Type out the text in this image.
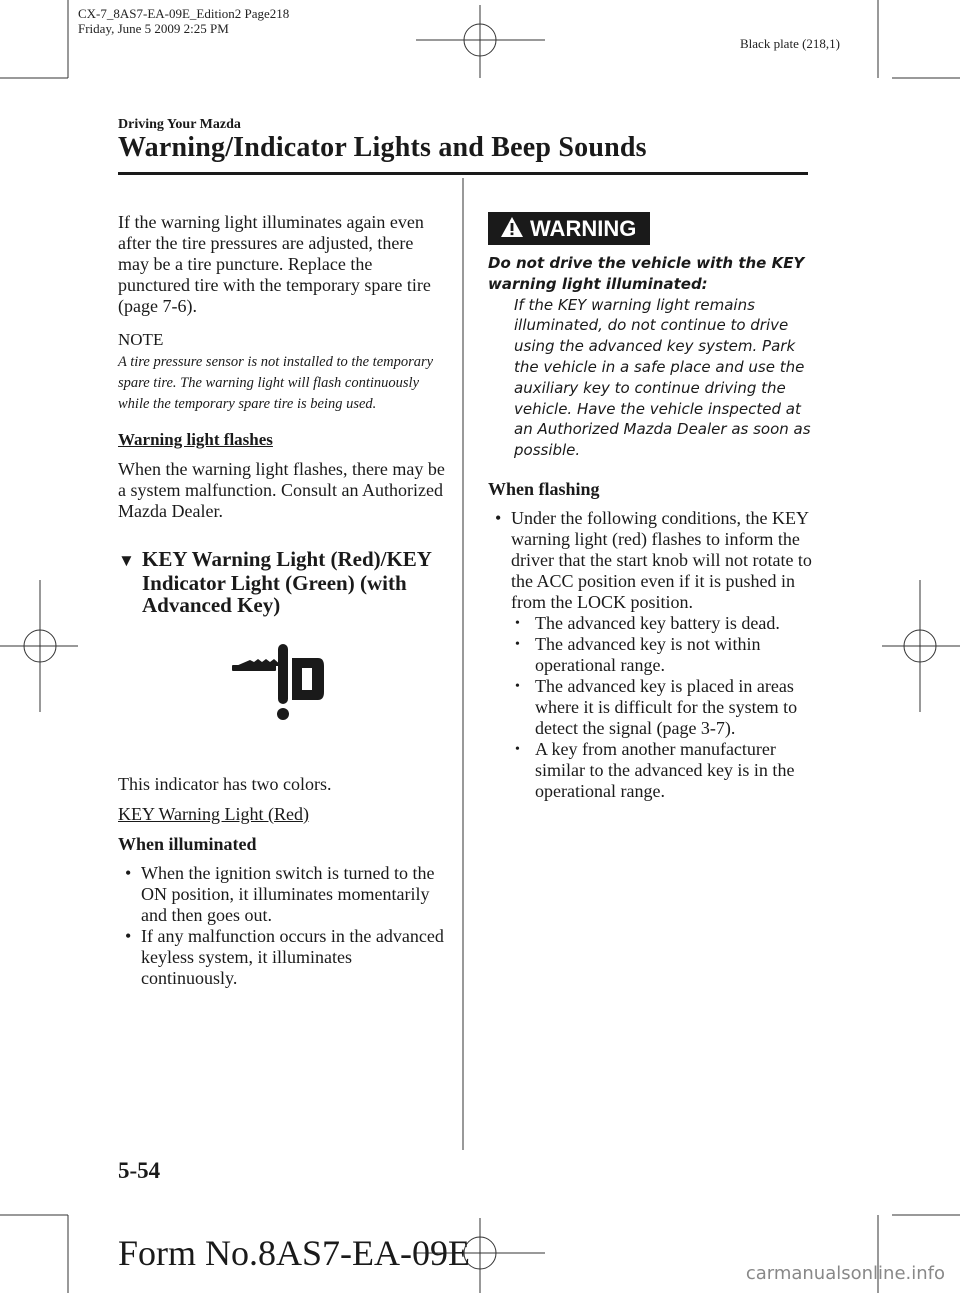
CX-7_8AS7-EA-09E_Edition2 Page218
Friday, June 5 2009 2:25 PM
Black plate (218,1)
Driving Your Mazda
Warning/Indicator Lights and Beep Sounds

If the warning light illuminates again even after the tire pressures are adjusted, there may be a tire puncture. Replace the punctured tire with the temporary spare tire (page 7-6).

NOTE

A tire pressure sensor is not installed to the temporary spare tire. The warning light will flash continuously while the temporary spare tire is being used.

Warning light flashes

When the warning light flashes, there may be a system malfunction. Consult an Authorized Mazda Dealer.

▼ KEY Warning Light (Red)/KEY Indicator Light (Green) (with Advanced Key)

This indicator has two colors.

KEY Warning Light (Red)

When illuminated

• When the ignition switch is turned to the ON position, it illuminates momentarily and then goes out.
• If any malfunction occurs in the advanced keyless system, it illuminates continuously.
WARNING
Do not drive the vehicle with the KEY warning light illuminated:
If the KEY warning light remains illuminated, do not continue to drive using the advanced key system. Park the vehicle in a safe place and use the auxiliary key to continue driving the vehicle. Have the vehicle inspected at an Authorized Mazda Dealer as soon as possible.

When flashing

• Under the following conditions, the KEY warning light (red) flashes to inform the driver that the start knob will not rotate to the ACC position even if it is pushed in from the LOCK position.
• The advanced key battery is dead.
• The advanced key is not within operational range.
• The advanced key is placed in areas where it is difficult for the system to detect the signal (page 3-7).
• A key from another manufacturer similar to the advanced key is in the operational range.
5-54
Form No.8AS7-EA-09E
carmanualsonline.info
